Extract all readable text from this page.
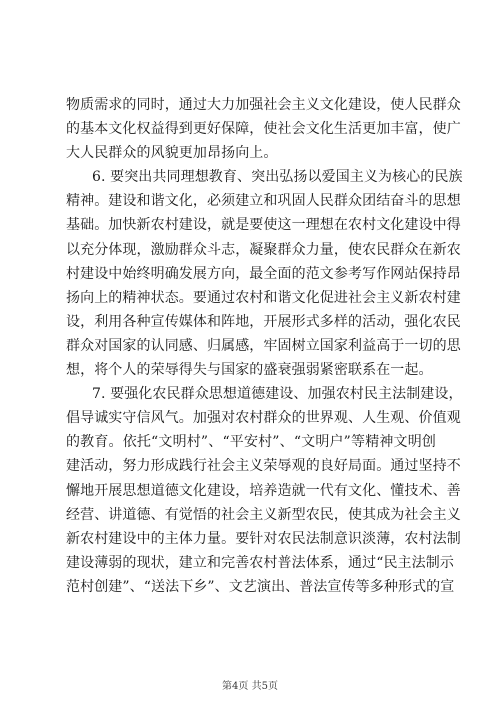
物质需求的同时，通过大力加强社会主义文化建设，使人民群众
的基本文化权益得到更好保障，使社会文化生活更加丰富，使广
大人民群众的风貌更加昂扬向上。
6. 要突出共同理想教育、突出弘扬以爱国主义为核心的民族
精神。建设和谐文化，必须建立和巩固人民群众团结奋斗的思想
基础。加快新农村建设，就是要使这一理想在农村文化建设中得
以充分体现，激励群众斗志，凝聚群众力量，使农民群众在新农
村建设中始终明确发展方向，最全面的范文参考写作网站保持昂
扬向上的精神状态。要通过农村和谐文化促进社会主义新农村建
设，利用各种宣传媒体和阵地，开展形式多样的活动，强化农民
群众对国家的认同感、归属感，牢固树立国家利益高于一切的思
想，将个人的荣辱得失与国家的盛衰强弱紧密联系在一起。
7. 要强化农民群众思想道德建设、加强农村民主法制建设，
倡导诚实守信风气。加强对农村群众的世界观、人生观、价值观
的教育。依托“文明村”、“平安村”、“文明户”等精神文明创
建活动，努力形成践行社会主义荣辱观的良好局面。通过坚持不
懈地开展思想道德文化建设，培养造就一代有文化、懂技术、善
经营、讲道德、有觉悟的社会主义新型农民，使其成为社会主义
新农村建设中的主体力量。要针对农民法制意识淡薄，农村法制
建设薄弱的现状，建立和完善农村普法体系，通过“民主法制示
范村创建”、“送法下乡”、文艺演出、普法宣传等多种形式的宣
第4页 共5页
